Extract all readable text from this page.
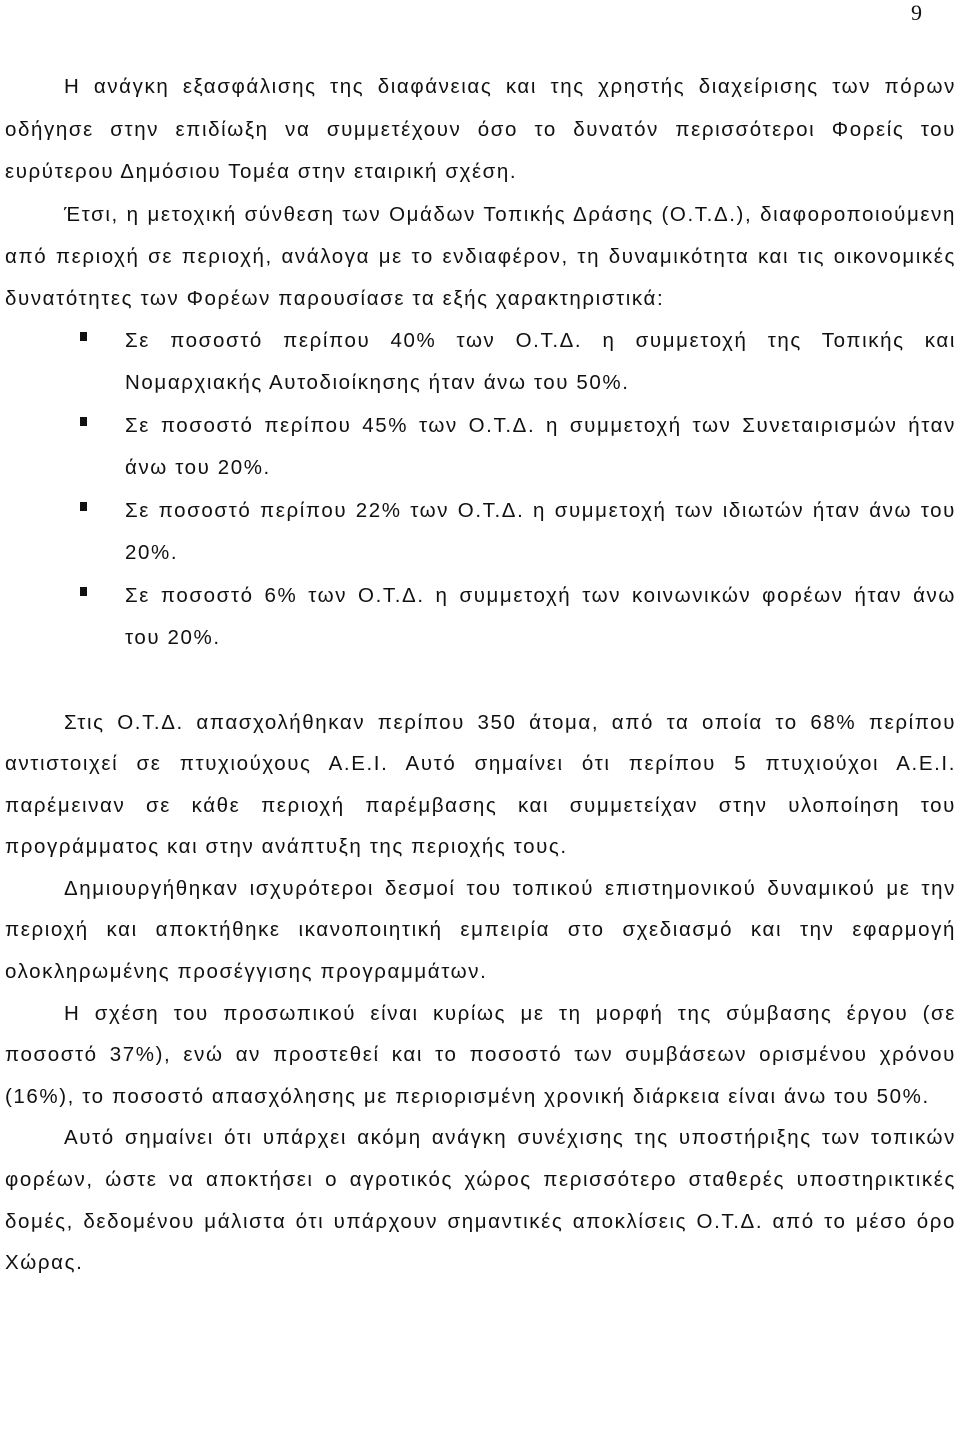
9

Η ανάγκη εξασφάλισης της διαφάνειας και της χρηστής διαχείρισης των πόρων οδήγησε στην επιδίωξη να συμμετέχουν όσο το δυνατόν περισσότεροι Φορείς του ευρύτερου Δημόσιου Τομέα στην εταιρική σχέση.

Έτσι, η μετοχική σύνθεση των Ομάδων Τοπικής Δράσης (Ο.Τ.Δ.), διαφοροποιούμενη από περιοχή σε περιοχή, ανάλογα με το ενδιαφέρον, τη δυναμικότητα και τις οικονομικές δυνατότητες των Φορέων παρουσίασε τα εξής χαρακτηριστικά:

Σε ποσοστό περίπου 40% των Ο.Τ.Δ. η συμμετοχή της Τοπικής και Νομαρχιακής Αυτοδιοίκησης ήταν άνω του 50%.
Σε ποσοστό περίπου 45% των Ο.Τ.Δ. η συμμετοχή των Συνεταιρισμών ήταν άνω του 20%.
Σε ποσοστό περίπου 22% των Ο.Τ.Δ. η συμμετοχή των ιδιωτών ήταν άνω του 20%.
Σε ποσοστό 6% των Ο.Τ.Δ. η συμμετοχή των κοινωνικών φορέων ήταν άνω του 20%.

Στις Ο.Τ.Δ. απασχολήθηκαν περίπου 350 άτομα, από τα οποία το 68% περίπου αντιστοιχεί σε πτυχιούχους Α.Ε.Ι. Αυτό σημαίνει ότι περίπου 5 πτυχιούχοι Α.Ε.Ι. παρέμειναν σε κάθε περιοχή παρέμβασης και συμμετείχαν στην υλοποίηση του προγράμματος και στην ανάπτυξη της περιοχής τους.

Δημιουργήθηκαν ισχυρότεροι δεσμοί του τοπικού επιστημονικού δυναμικού με την περιοχή και αποκτήθηκε ικανοποιητική εμπειρία στο σχεδιασμό και την εφαρμογή ολοκληρωμένης προσέγγισης προγραμμάτων.

Η σχέση του προσωπικού είναι κυρίως με τη μορφή της σύμβασης έργου (σε ποσοστό 37%), ενώ αν προστεθεί και το ποσοστό των συμβάσεων ορισμένου χρόνου (16%), το ποσοστό απασχόλησης με περιορισμένη χρονική διάρκεια είναι άνω του 50%.

Αυτό σημαίνει ότι υπάρχει ακόμη ανάγκη συνέχισης της υποστήριξης των τοπικών φορέων, ώστε να αποκτήσει ο αγροτικός χώρος περισσότερο σταθερές υποστηρικτικές δομές, δεδομένου μάλιστα ότι υπάρχουν σημαντικές αποκλίσεις Ο.Τ.Δ. από το μέσο όρο Χώρας.
